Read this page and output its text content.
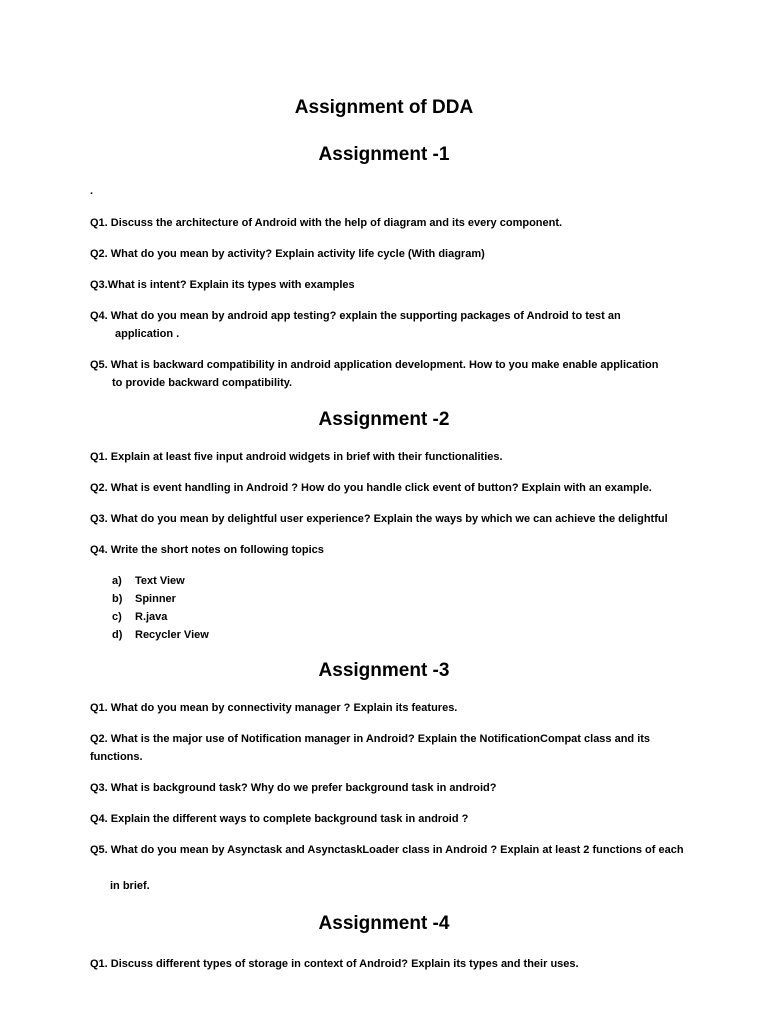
Assignment of DDA
Assignment -1

.

Q1. Discuss the architecture of Android with the help of diagram and its every component.

Q2. What do you mean by activity? Explain activity life cycle (With diagram)

Q3.What is intent? Explain its types with examples

Q4. What do you mean by android app testing? explain the supporting packages of Android to test an

application .

Q5. What is backward compatibility in android application development. How to you make enable application

to provide backward compatibility.

Assignment -2

Q1. Explain at least five input android widgets in brief with their functionalities.

Q2. What is event handling in Android ? How do you handle click event of button? Explain with an example.

Q3. What do you mean by delightful user experience? Explain the ways by which we can achieve the delightful

Q4. Write the short notes on following topics

a) Text View
b) Spinner
c) R.java
d) Recycler View
Assignment -3

Q1. What do you mean by connectivity manager ? Explain its features.

Q2. What is the major use of Notification manager in Android? Explain the NotificationCompat class and its

functions.

Q3. What is background task? Why do we prefer background task in android?

Q4. Explain the different ways to complete background task in android ?

Q5. What do you mean by Asynctask and AsynctaskLoader class in Android ? Explain at least 2 functions of each

in brief.

Assignment -4

Q1. Discuss different types of storage in context of Android? Explain its types and their uses.
